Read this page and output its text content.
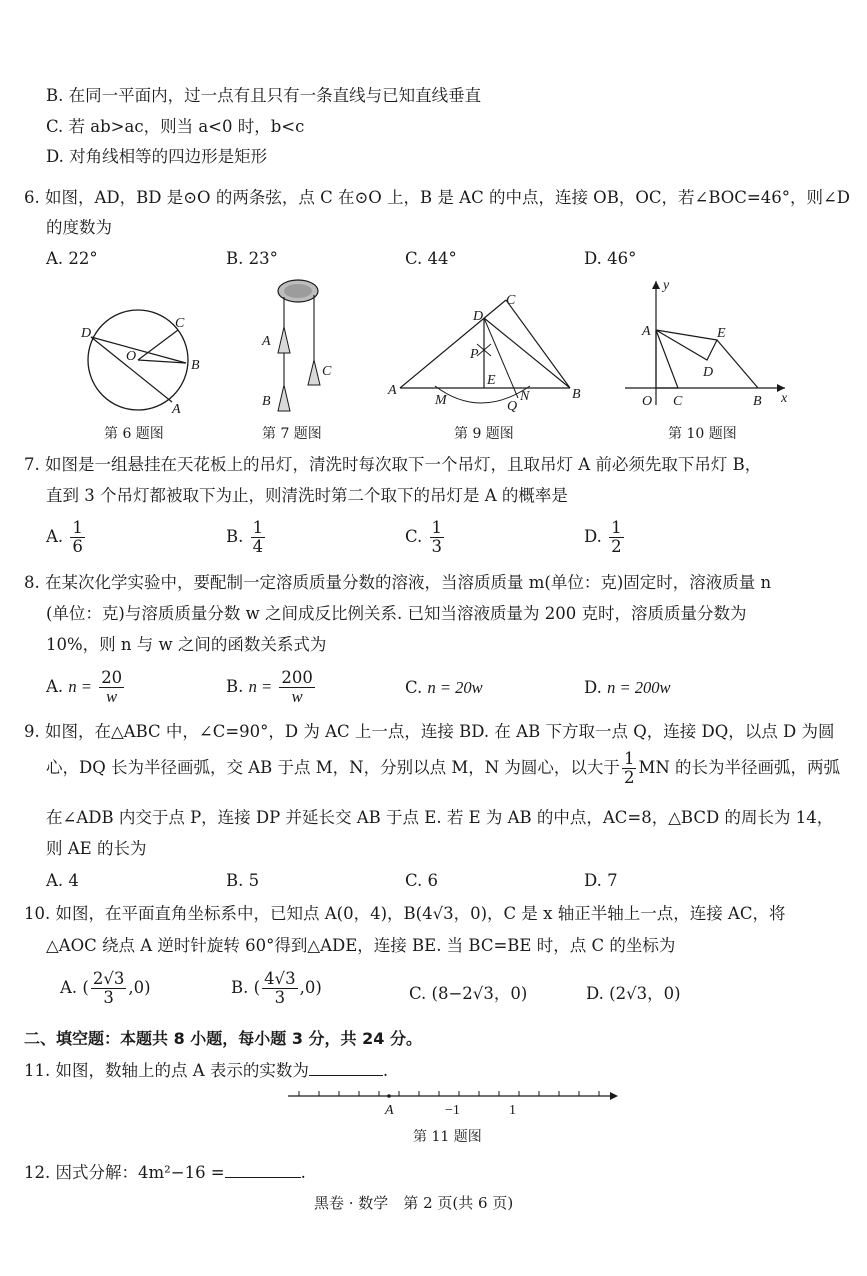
B. 在同一平面内，过一点有且只有一条直线与已知直线垂直
C. 若 ab>ac，则当 a<0 时，b<c
D. 对角线相等的四边形是矩形
6. 如图，AD，BD 是⊙O 的两条弦，点 C 在⊙O 上，B 是 AC 的中点，连接 OB，OC，若∠BOC=46°，则∠D
的度数为
A. 22°	B. 23°	C. 44°	D. 46°
D
C
O
B
A
第 6 题图
A
C
B
第 7 题图
D
C
P
E
A
M	Q
N	B
第 9 题图
y
A	E
D
O C	B x
第 10 题图
7. 如图是一组悬挂在天花板上的吊灯，清洗时每次取下一个吊灯，且取吊灯 A 前必须先取下吊灯 B，
直到 3 个吊灯都被取下为止，则清洗时第二个取下的吊灯是 A 的概率是
A. $\frac{1}{6}$	B. $\frac{1}{4}$	C. $\frac{1}{3}$	D. $\frac{1}{2}$
8. 在某次化学实验中，要配制一定溶质质量分数的溶液，当溶质质量 m(单位：克)固定时，溶液质量 n
(单位：克)与溶质质量分数 w 之间成反比例关系. 已知当溶液质量为 200 克时，溶质质量分数为
10%，则 n 与 w 之间的函数关系式为
A. $n = \frac{20}{w}$	B. $n = \frac{200}{w}$	C. n = 20w	D. n = 200w
9. 如图，在△ABC 中，∠C=90°，D 为 AC 上一点，连接 BD. 在 AB 下方取一点 Q，连接 DQ，以点 D 为圆
心，DQ 长为半径画弧，交 AB 于点 M，N，分别以点 M，N 为圆心，以大于 $\frac{1}{2}$ MN 的长为半径画弧，两弧
在∠ADB 内交于点 P，连接 DP 并延长交 AB 于点 E. 若 E 为 AB 的中点，AC=8，△BCD 的周长为 14，
则 AE 的长为
A. 4	B. 5	C. 6	D. 7
10. 如图，在平面直角坐标系中，已知点 A(0，4)，B(4√3，0)，C 是 x 轴正半轴上一点，连接 AC，将
△AOC 绕点 A 逆时针旋转 60°得到△ADE，连接 BE. 当 BC=BE 时，点 C 的坐标为
A. ( $\frac{2√3}{3} ,0$)	B. ( $\frac{4√3}{3} ,0$)	C. (8−2√3，0)	D. (2√3，0)
二、填空题：本题共 8 小题，每小题 3 分，共 24 分。
11. 如图，数轴上的点 A 表示的实数为	.
A	−1	1
第 11 题图
12. 因式分解：4m²−16 =	.
黑卷 · 数学　第 2 页(共 6 页)
